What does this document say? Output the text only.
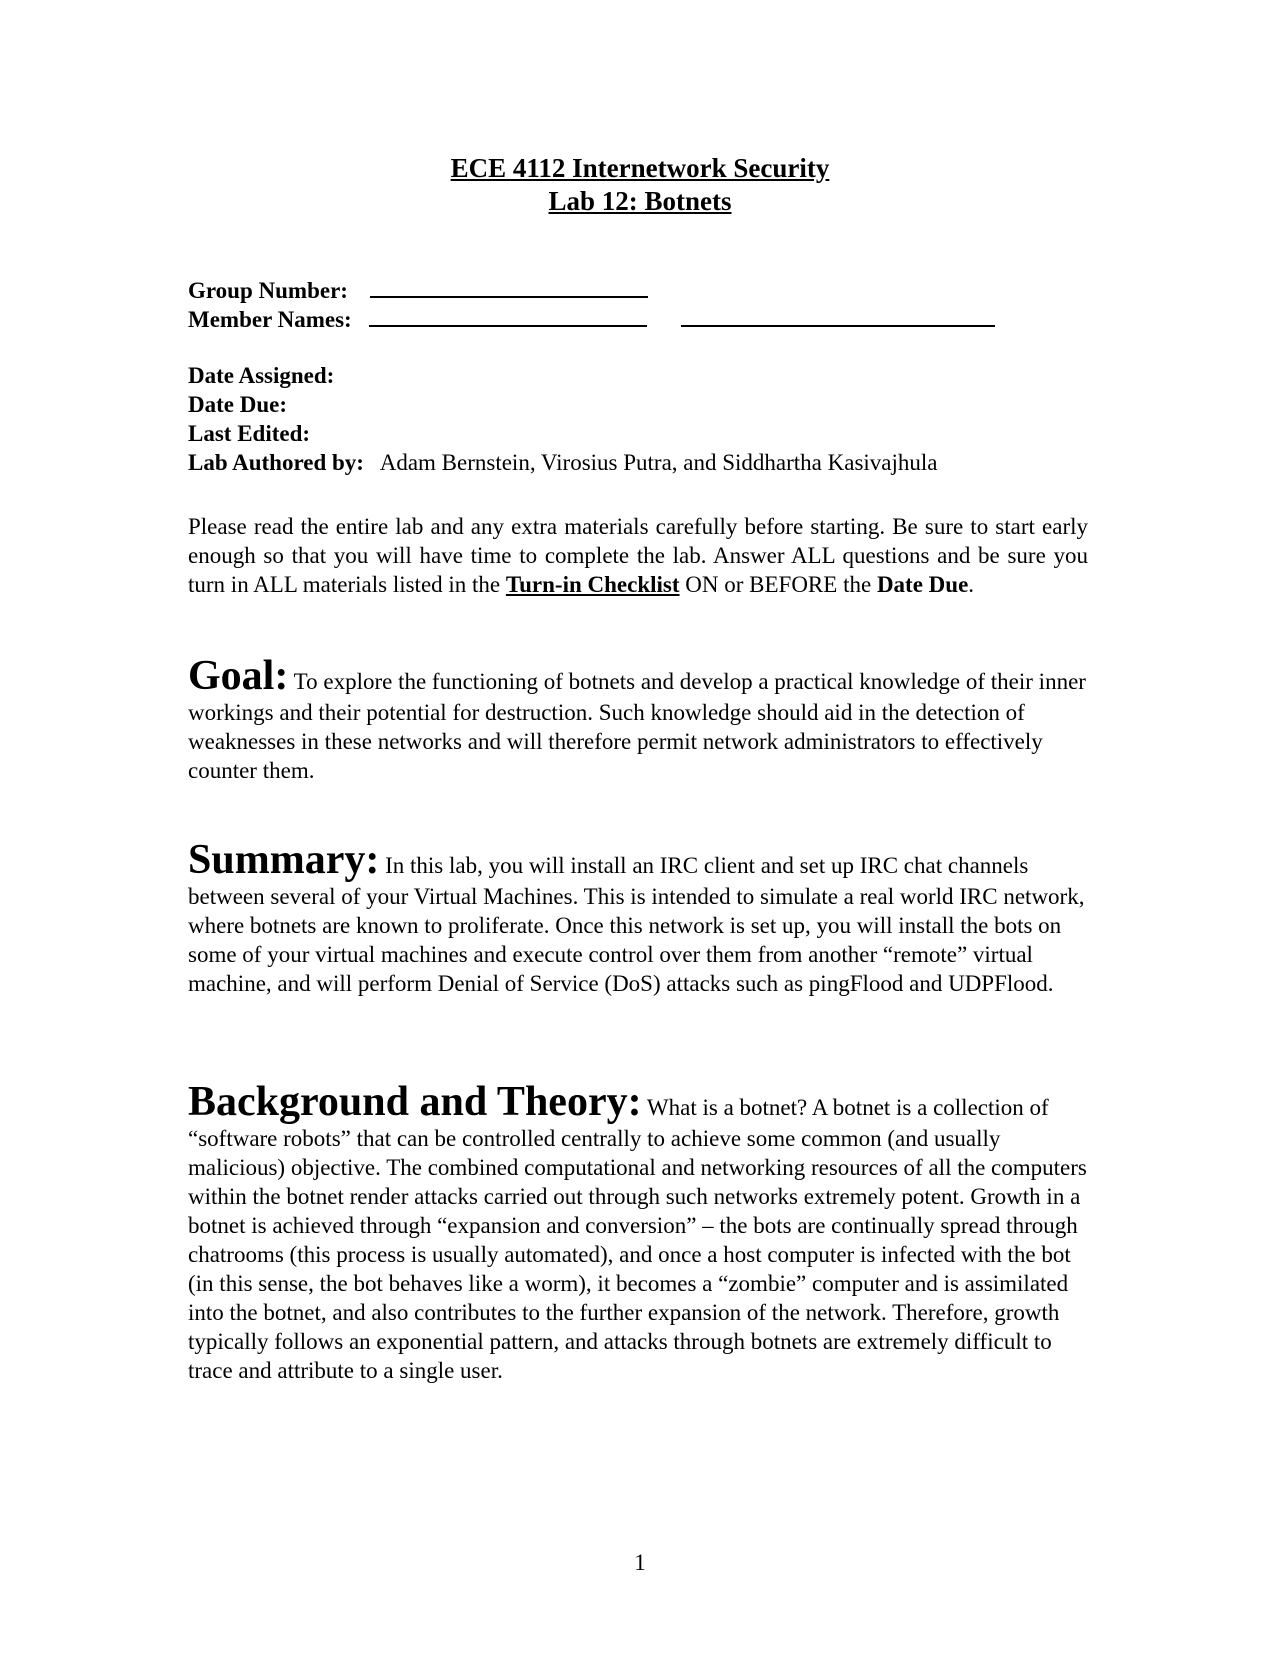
ECE 4112 Internetwork Security
Lab 12: Botnets
Group Number:
Member Names:
Date Assigned:
Date Due:
Last Edited:
Lab Authored by: Adam Bernstein, Virosius Putra, and Siddhartha Kasivajhula
Please read the entire lab and any extra materials carefully before starting. Be sure to start early enough so that you will have time to complete the lab. Answer ALL questions and be sure you turn in ALL materials listed in the Turn-in Checklist ON or BEFORE the Date Due.
Goal: To explore the functioning of botnets and develop a practical knowledge of their inner workings and their potential for destruction. Such knowledge should aid in the detection of weaknesses in these networks and will therefore permit network administrators to effectively counter them.
Summary: In this lab, you will install an IRC client and set up IRC chat channels between several of your Virtual Machines. This is intended to simulate a real world IRC network, where botnets are known to proliferate. Once this network is set up, you will install the bots on some of your virtual machines and execute control over them from another “remote” virtual machine, and will perform Denial of Service (DoS) attacks such as pingFlood and UDPFlood.
Background and Theory: What is a botnet? A botnet is a collection of “software robots” that can be controlled centrally to achieve some common (and usually malicious) objective. The combined computational and networking resources of all the computers within the botnet render attacks carried out through such networks extremely potent. Growth in a botnet is achieved through “expansion and conversion” – the bots are continually spread through chatrooms (this process is usually automated), and once a host computer is infected with the bot (in this sense, the bot behaves like a worm), it becomes a “zombie” computer and is assimilated into the botnet, and also contributes to the further expansion of the network. Therefore, growth typically follows an exponential pattern, and attacks through botnets are extremely difficult to trace and attribute to a single user.
1
